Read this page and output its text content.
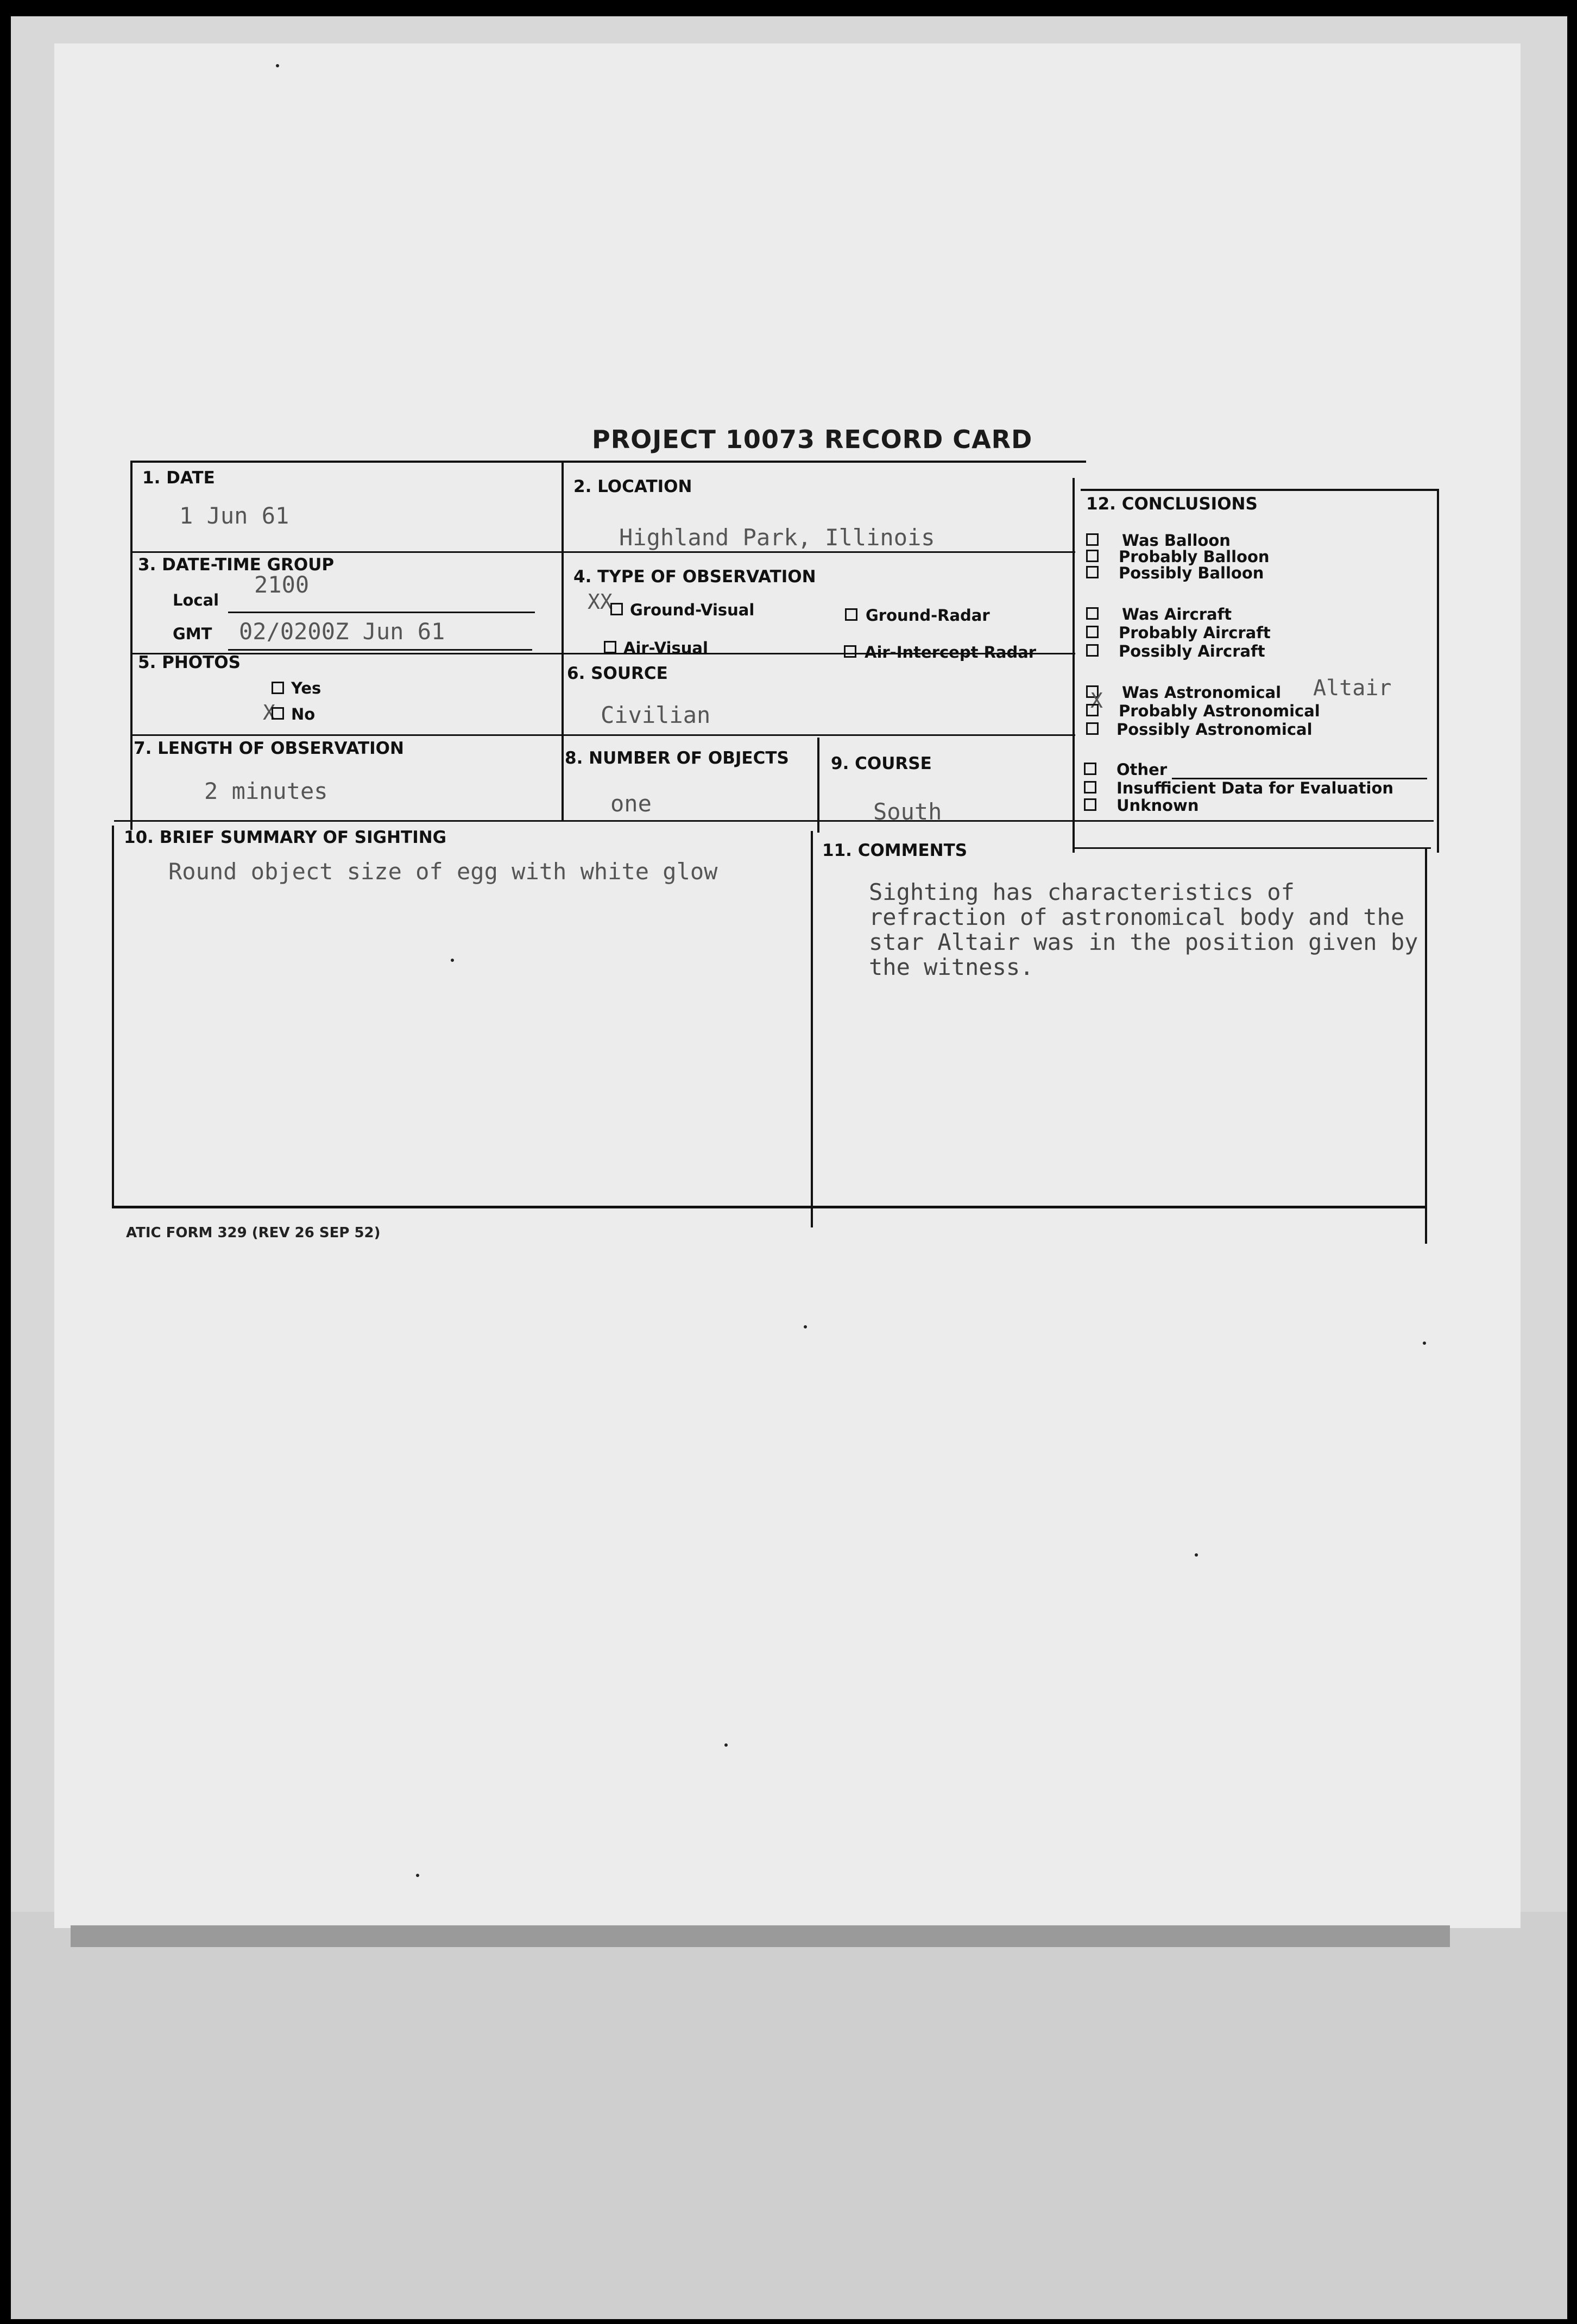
PROJECT 10073 RECORD CARD
1. DATE
1 Jun 61
2. LOCATION
Highland Park, Illinois
3. DATE-TIME GROUP
Local
2100
GMT 02/0200Z Jun 61
4. TYPE OF OBSERVATION
XX Ground-Visual	Ground-Radar
Air-Visual	Air-Intercept Radar
5. PHOTOS
Yes
X No
6. SOURCE
Civilian
7. LENGTH OF OBSERVATION
2 minutes
8. NUMBER OF OBJECTS
one
9. COURSE
South
10. BRIEF SUMMARY OF SIGHTING
Round object size of egg with white glow
11. COMMENTS
Sighting has characteristics of refraction of astronomical body and the star Altair was in the position given by the witness.
12. CONCLUSIONS
Was Balloon
Probably Balloon
Possibly Balloon
Was Aircraft
Probably Aircraft
Possibly Aircraft
Was Astronomical Altair
X Probably Astronomical
Possibly Astronomical
Other
Insufficient Data for Evaluation
Unknown
ATIC FORM 329 (REV 26 SEP 52)
